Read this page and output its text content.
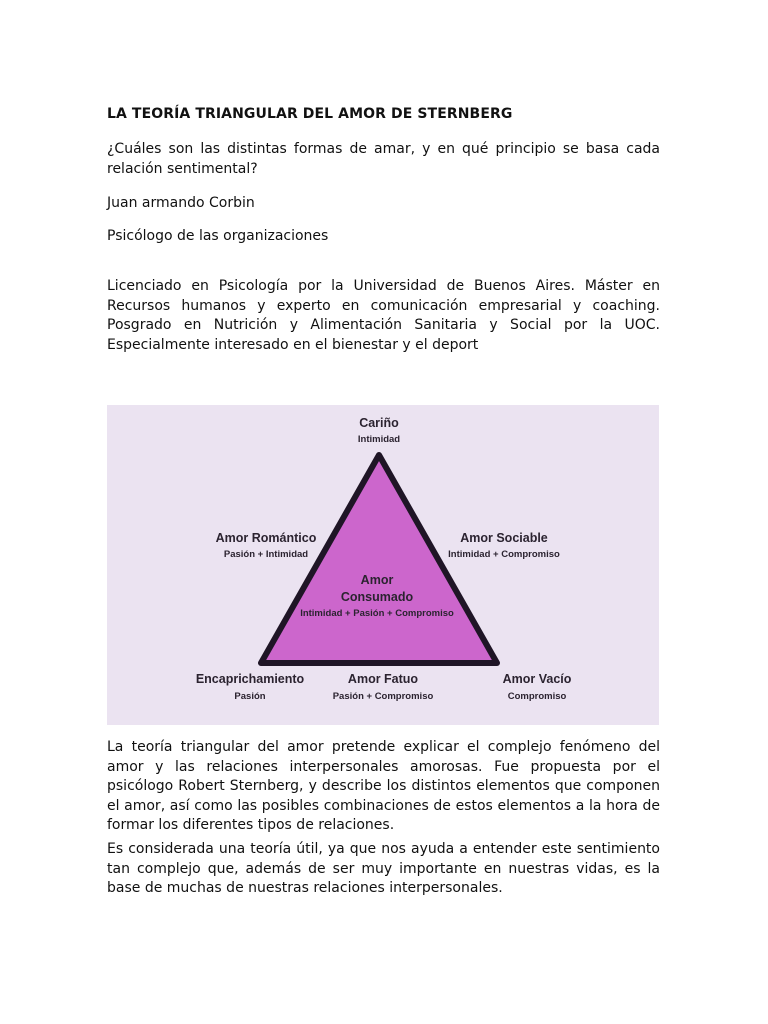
LA TEORÍA TRIANGULAR DEL AMOR DE STERNBERG

¿Cuáles son las distintas formas de amar, y en qué principio se basa cada relación sentimental?

Juan armando Corbin

Psicólogo de las organizaciones

Licenciado en Psicología por la Universidad de Buenos Aires. Máster en Recursos humanos y experto en comunicación empresarial y coaching. Posgrado en Nutrición y Alimentación Sanitaria y Social por la UOC. Especialmente interesado en el bienestar y el deport

La teoría triangular del amor pretende explicar el complejo fenómeno del amor y las relaciones interpersonales amorosas. Fue propuesta por el psicólogo Robert Sternberg, y describe los distintos elementos que componen el amor, así como las posibles combinaciones de estos elementos a la hora de formar los diferentes tipos de relaciones.

Es considerada una teoría útil, ya que nos ayuda a entender este sentimiento tan complejo que, además de ser muy importante en nuestras vidas, es la base de muchas de nuestras relaciones interpersonales.

Cariño
Intimidad
Amor Romántico
Pasión + Intimidad
Amor Sociable
Intimidad + Compromiso
Amor
Consumado
Intimidad + Pasión + Compromiso
Encaprichamiento
Pasión
Amor Fatuo
Pasión + Compromiso
Amor Vacío
Compromiso
